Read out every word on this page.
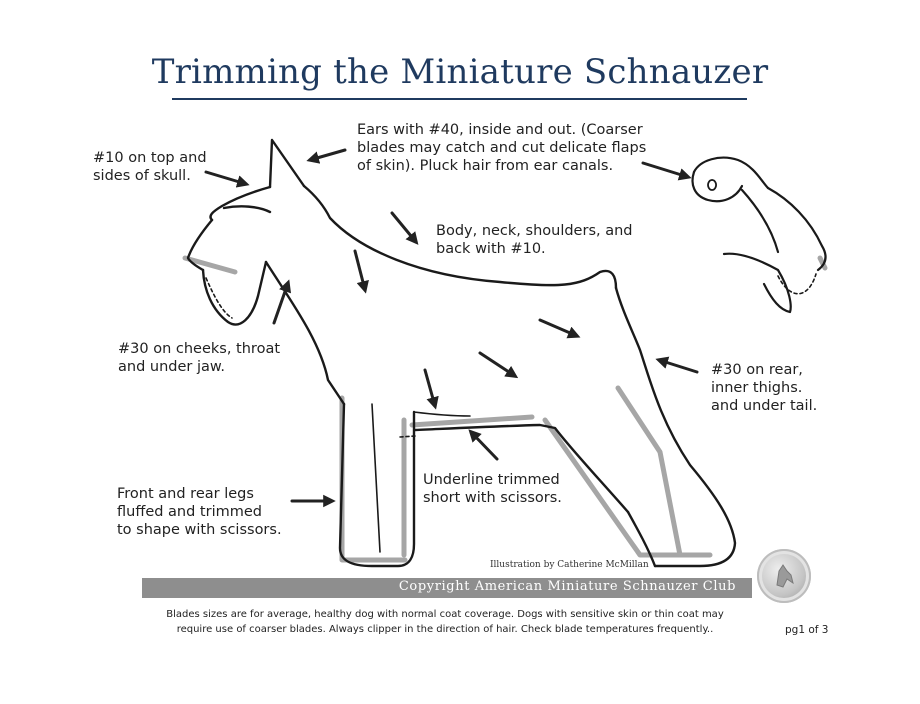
Trimming the Miniature Schnauzer

Ears with #40, inside and out. (Coarser
blades may catch and cut delicate flaps
of skin). Pluck hair from ear canals.

#10 on top and
sides of skull.

Body, neck, shoulders, and
back with #10.

#30 on cheeks, throat
and under jaw.	#30 on rear,
inner thighs.
and under tail.

Underline trimmed
short with scissors.

Front and rear legs
fluffed and trimmed
to shape with scissors.

Illustration by Catherine McMillan

Copyright American Miniature Schnauzer Club

Blades sizes are for average, healthy dog with normal coat coverage. Dogs with sensitive skin or thin coat may
require use of coarser blades. Always clipper in the direction of hair. Check blade temperatures frequently..	pg1 of 3
